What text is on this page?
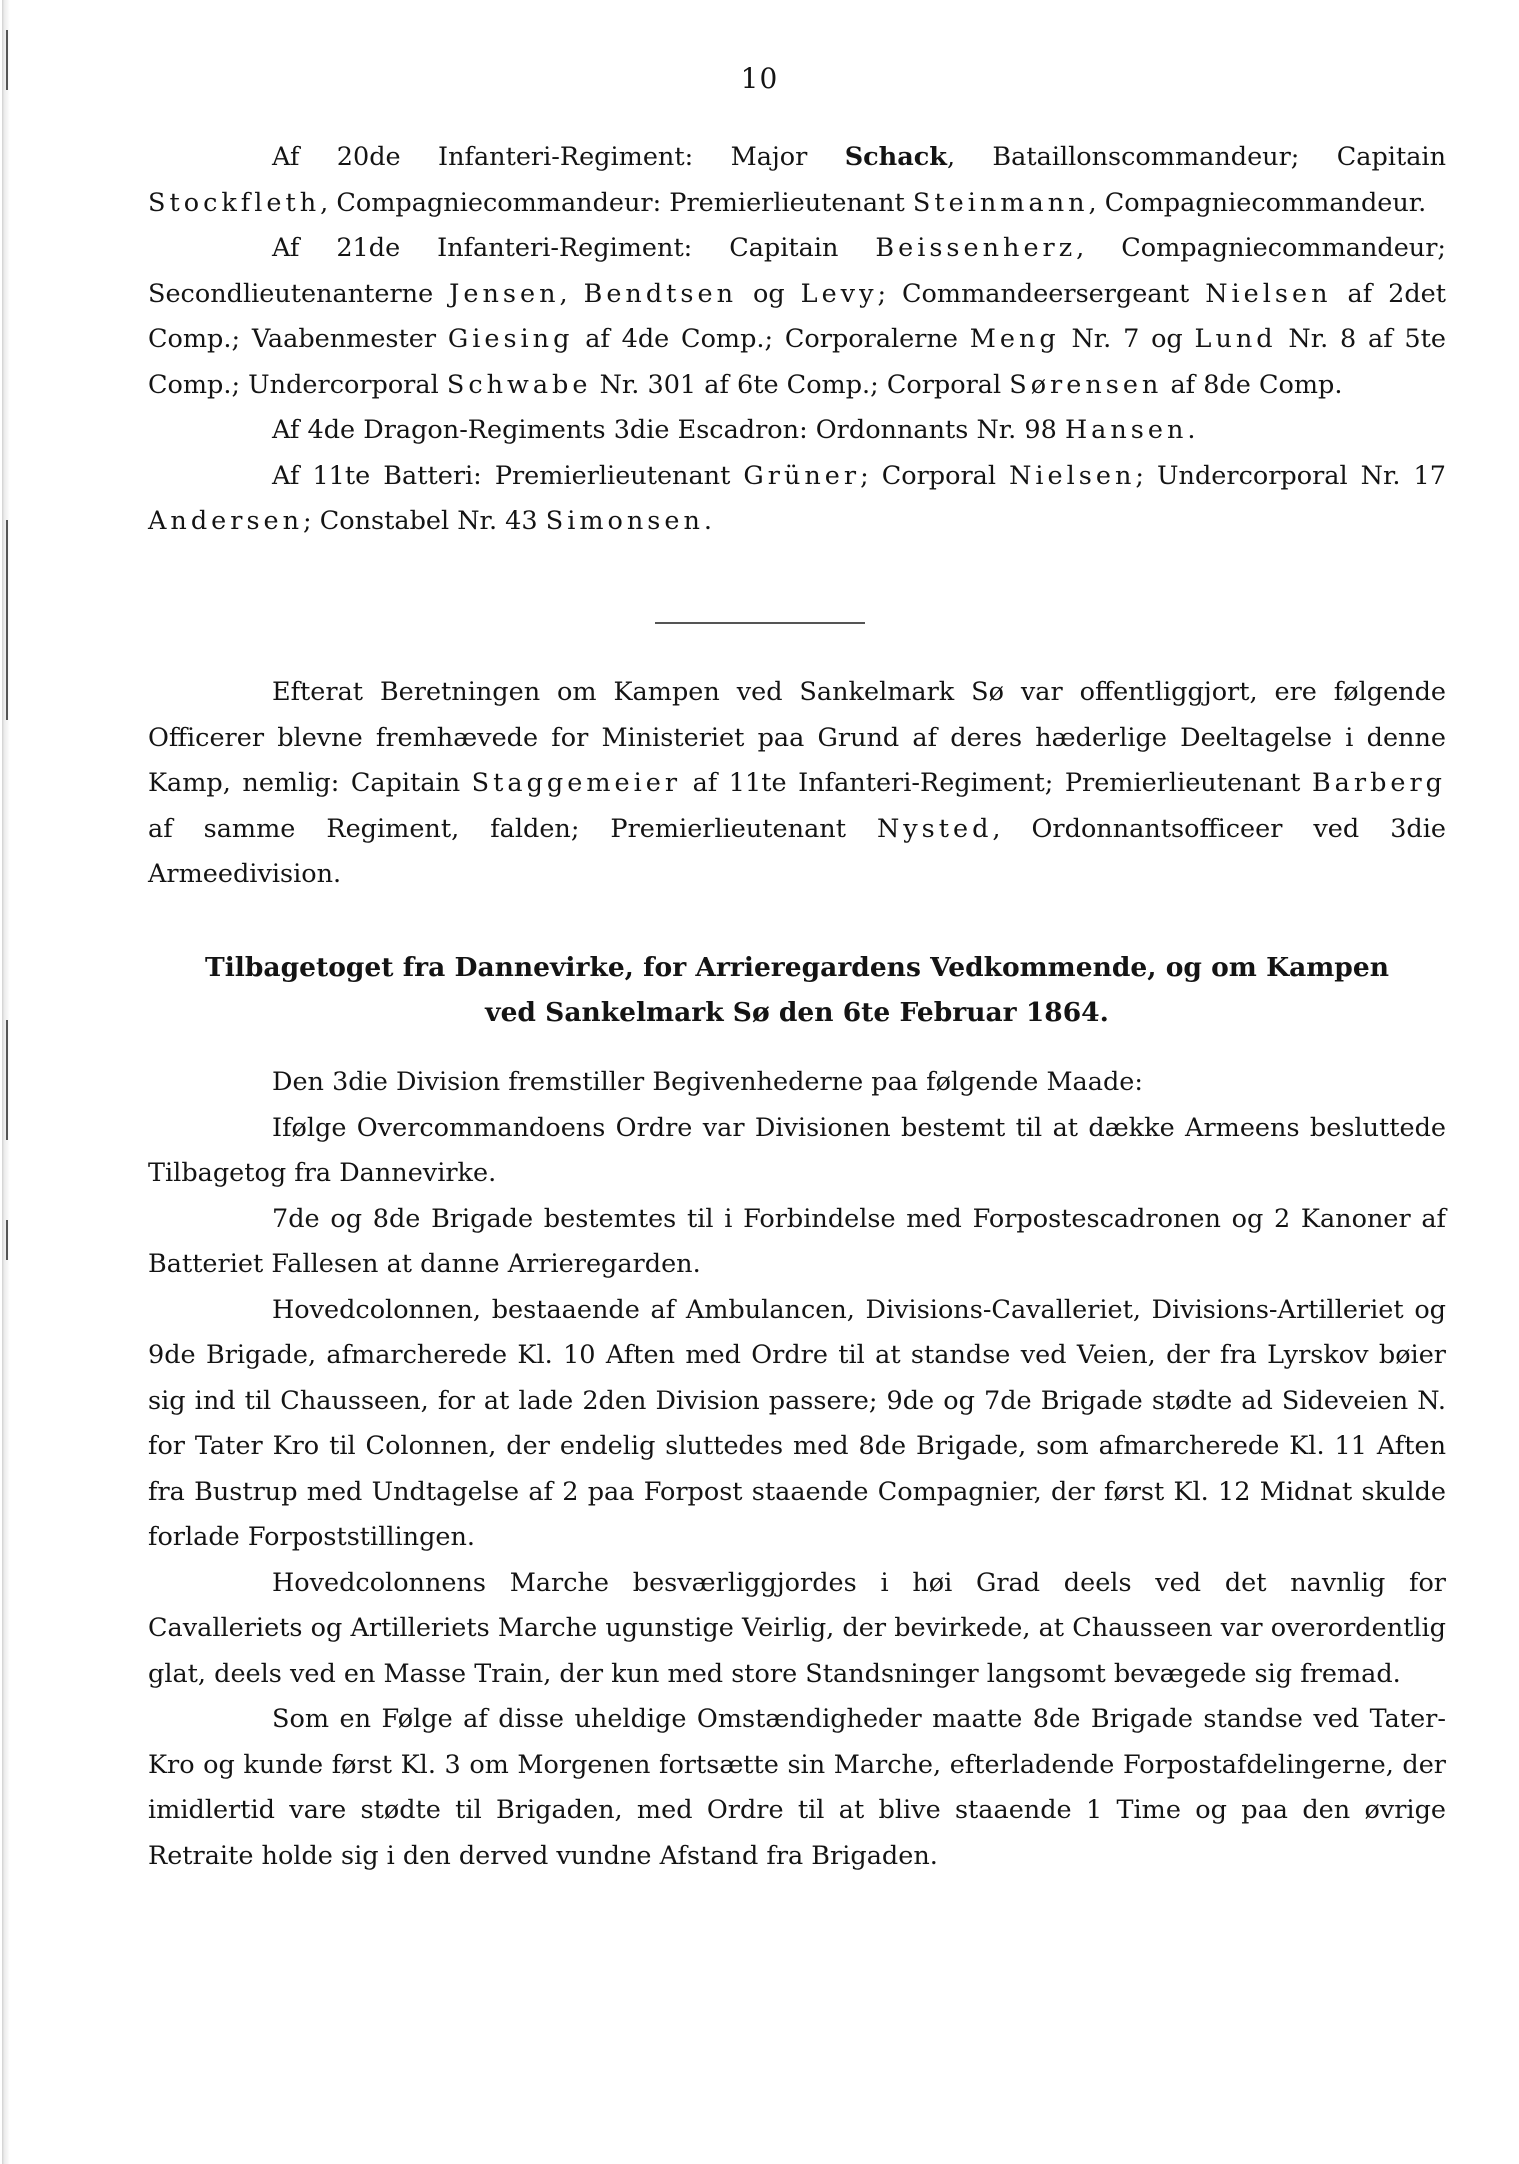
10

Af 20de Infanteri-Regiment: Major Schack, Bataillonscommandeur; Capitain Stockfleth, Compagniecommandeur: Premierlieutenant Steinmann, Compagniecommandeur.

Af 21de Infanteri-Regiment: Capitain Beissenherz, Compagniecommandeur; Secondlieutenanterne Jensen, Bendtsen og Levy; Commandeersergeant Nielsen af 2det Comp.; Vaabenmester Giesing af 4de Comp.; Corporalerne Meng Nr. 7 og Lund Nr. 8 af 5te Comp.; Undercorporal Schwabe Nr. 301 af 6te Comp.; Corporal Sørensen af 8de Comp.

Af 4de Dragon-Regiments 3die Escadron: Ordonnants Nr. 98 Hansen.

Af 11te Batteri: Premierlieutenant Grüner; Corporal Nielsen; Undercorporal Nr. 17 Andersen; Constabel Nr. 43 Simonsen.

Efterat Beretningen om Kampen ved Sankelmark Sø var offentliggjort, ere følgende Officerer blevne fremhævede for Ministeriet paa Grund af deres hæderlige Deeltagelse i denne Kamp, nemlig: Capitain Staggemeier af 11te Infanteri-Regiment; Premierlieutenant Barberg af samme Regiment, falden; Premierlieutenant Nysted, Ordonnantsofficeer ved 3die Armeedivision.

Tilbagetoget fra Dannevirke, for Arrieregardens Vedkommende, og om Kampen
ved Sankelmark Sø den 6te Februar 1864.

Den 3die Division fremstiller Begivenhederne paa følgende Maade:

Ifølge Overcommandoens Ordre var Divisionen bestemt til at dække Armeens besluttede Tilbagetog fra Dannevirke.

7de og 8de Brigade bestemtes til i Forbindelse med Forpostescadronen og 2 Kanoner af Batteriet Fallesen at danne Arrieregarden.

Hovedcolonnen, bestaaende af Ambulancen, Divisions-Cavalleriet, Divisions-Artilleriet og 9de Brigade, afmarcherede Kl. 10 Aften med Ordre til at standse ved Veien, der fra Lyrskov bøier sig ind til Chausseen, for at lade 2den Division passere; 9de og 7de Brigade stødte ad Sideveien N. for Tater Kro til Colonnen, der endelig sluttedes med 8de Brigade, som afmarcherede Kl. 11 Aften fra Bustrup med Undtagelse af 2 paa Forpost staaende Compagnier, der først Kl. 12 Midnat skulde forlade Forpoststillingen.

Hovedcolonnens Marche besværliggjordes i høi Grad deels ved det navnlig for Cavalleriets og Artilleriets Marche ugunstige Veirlig, der bevirkede, at Chausseen var overordentlig glat, deels ved en Masse Train, der kun med store Standsninger langsomt bevægede sig fremad.

Som en Følge af disse uheldige Omstændigheder maatte 8de Brigade standse ved Tater-Kro og kunde først Kl. 3 om Morgenen fortsætte sin Marche, efterladende Forpostafdelingerne, der imidlertid vare stødte til Brigaden, med Ordre til at blive staaende 1 Time og paa den øvrige Retraite holde sig i den derved vundne Afstand fra Brigaden.
